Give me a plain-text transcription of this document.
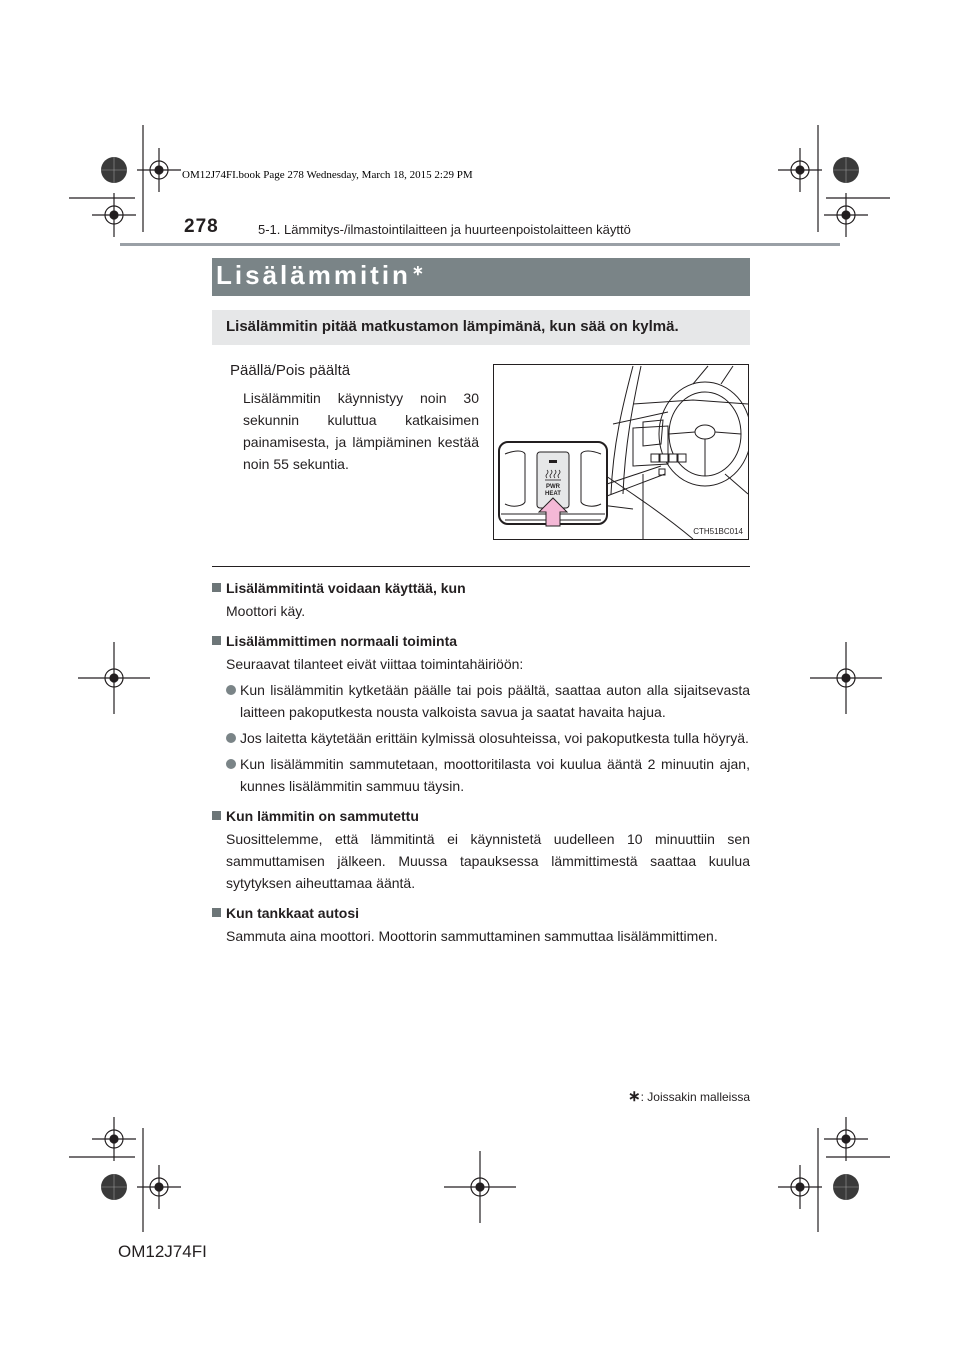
OM12J74FI.book Page 278 Wednesday, March 18, 2015 2:29 PM
278	5-1. Lämmitys-/ilmastointilaitteen ja huurteenpoistolaitteen käyttö
Lisälämmitin∗
Lisälämmitin pitää matkustamon lämpimänä, kun sää on kylmä.
Päällä/Pois päältä
Lisälämmitin käynnistyy noin 30 sekunnin kuluttua katkaisimen painamisesta, ja lämpiäminen kestää noin 55 sekuntia.
PWR
HEAT
CTH51BC014

Lisälämmitintä voidaan käyttää, kun

Moottori käy.

Lisälämmittimen normaali toiminta

Seuraavat tilanteet eivät viittaa toimintahäiriöön:

Kun lisälämmitin kytketään päälle tai pois päältä, saattaa auton alla sijaitsevasta laitteen pakoputkesta nousta valkoista savua ja saatat havaita hajua.
Jos laitetta käytetään erittäin kylmissä olosuhteissa, voi pakoputkesta tulla höyryä.
Kun lisälämmitin sammutetaan, moottoritilasta voi kuulua ääntä 2 minuutin ajan, kunnes lisälämmitin sammuu täysin.

Kun lämmitin on sammutettu

Suosittelemme, että lämmitintä ei käynnistetä uudelleen 10 minuuttiin sen sammuttamisen jälkeen. Muussa tapauksessa lämmittimestä saattaa kuulua sytytyksen aiheuttamaa ääntä.

Kun tankkaat autosi

Sammuta aina moottori. Moottorin sammuttaminen sammuttaa lisälämmittimen.

∗: Joissakin malleissa
OM12J74FI
